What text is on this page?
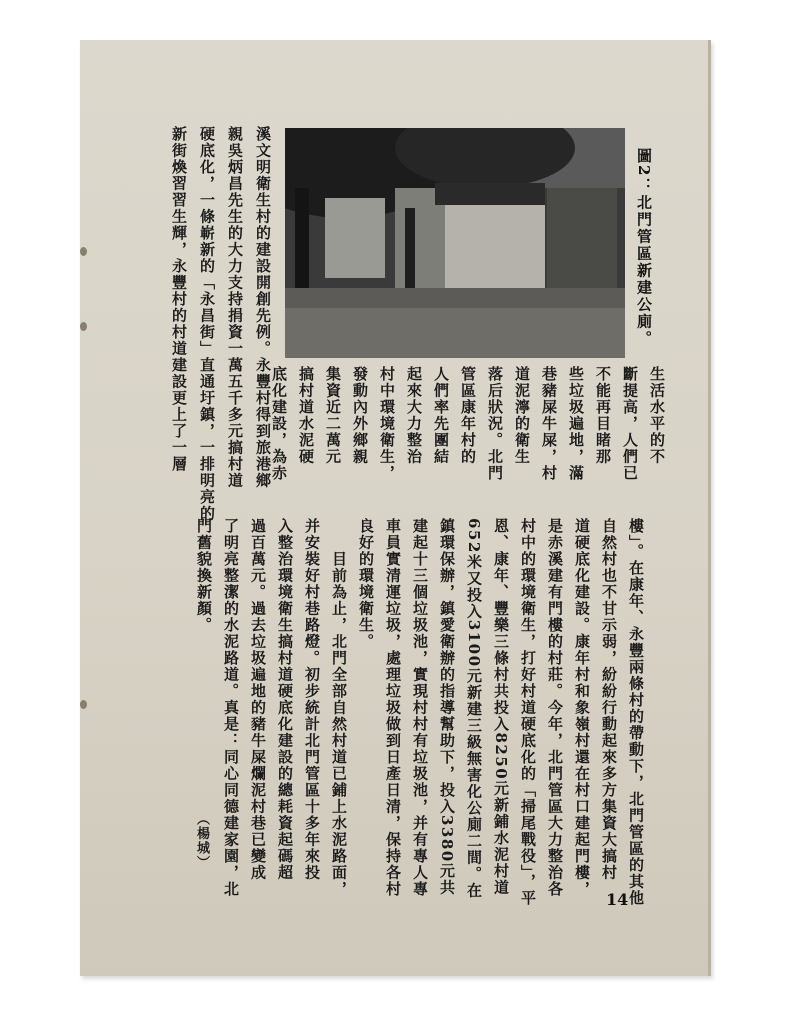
圖2：北門管區新建公廁。
新街煥習習生輝，永豐村的村道建設更上了一層 硬底化，一條嶄新的「永昌街」直通圩鎮，一排明亮的 親吳炳昌先生的大力支持捐資一萬五千多元搞村道 溪文明衛生村的建設開創先例。永豐村得到旅港鄉
底化建設，為赤 搞村道水泥硬 集資近二萬元 發動內外鄉親 村中環境衛生， 起來大力整治 人們率先團結 管區康年村的 落后狀況。北門 道泥濘的衛生 巷豬屎牛屎，村 些垃圾遍地，滿 不能再目睹那 斷提高，人們已 生活水平的不
門舊貌換新顏。 了明亮整潔的水泥路道。真是：同心同德建家園，北 過百萬元。過去垃圾遍地的豬牛屎爛泥村巷已變成 入整治環境衛生搞村道硬底化建設的總耗資起碼超 并安裝好村巷路燈。初步統計北門管區十多年來投 　　目前為止，北門全部自然村道已鋪上水泥路面， 良好的環境衛生。 車員實清運垃圾，處理垃圾做到日產日清，保持各村 建起十三個垃圾池，實現村村有垃圾池，并有專人專 鎮環保辦，鎮愛衛辦的指導幫助下，投入3380元共 652米又投入3100元新建三級無害化公廁二間。在 恩、康年、豐樂三條村共投入8250元新鋪水泥村道 村中的環境衛生，打好村道硬底化的「掃尾戰役」，平 是赤溪建有門樓的村莊。今年，北門管區大力整治各 道硬底化建設。康年村和象嶺村還在村口建起門樓， 自然村也不甘示弱，紛紛行動起來多方集資大搞村 樓」。在康年、永豐兩條村的帶動下，北門管區的其他
（楊城）
14
